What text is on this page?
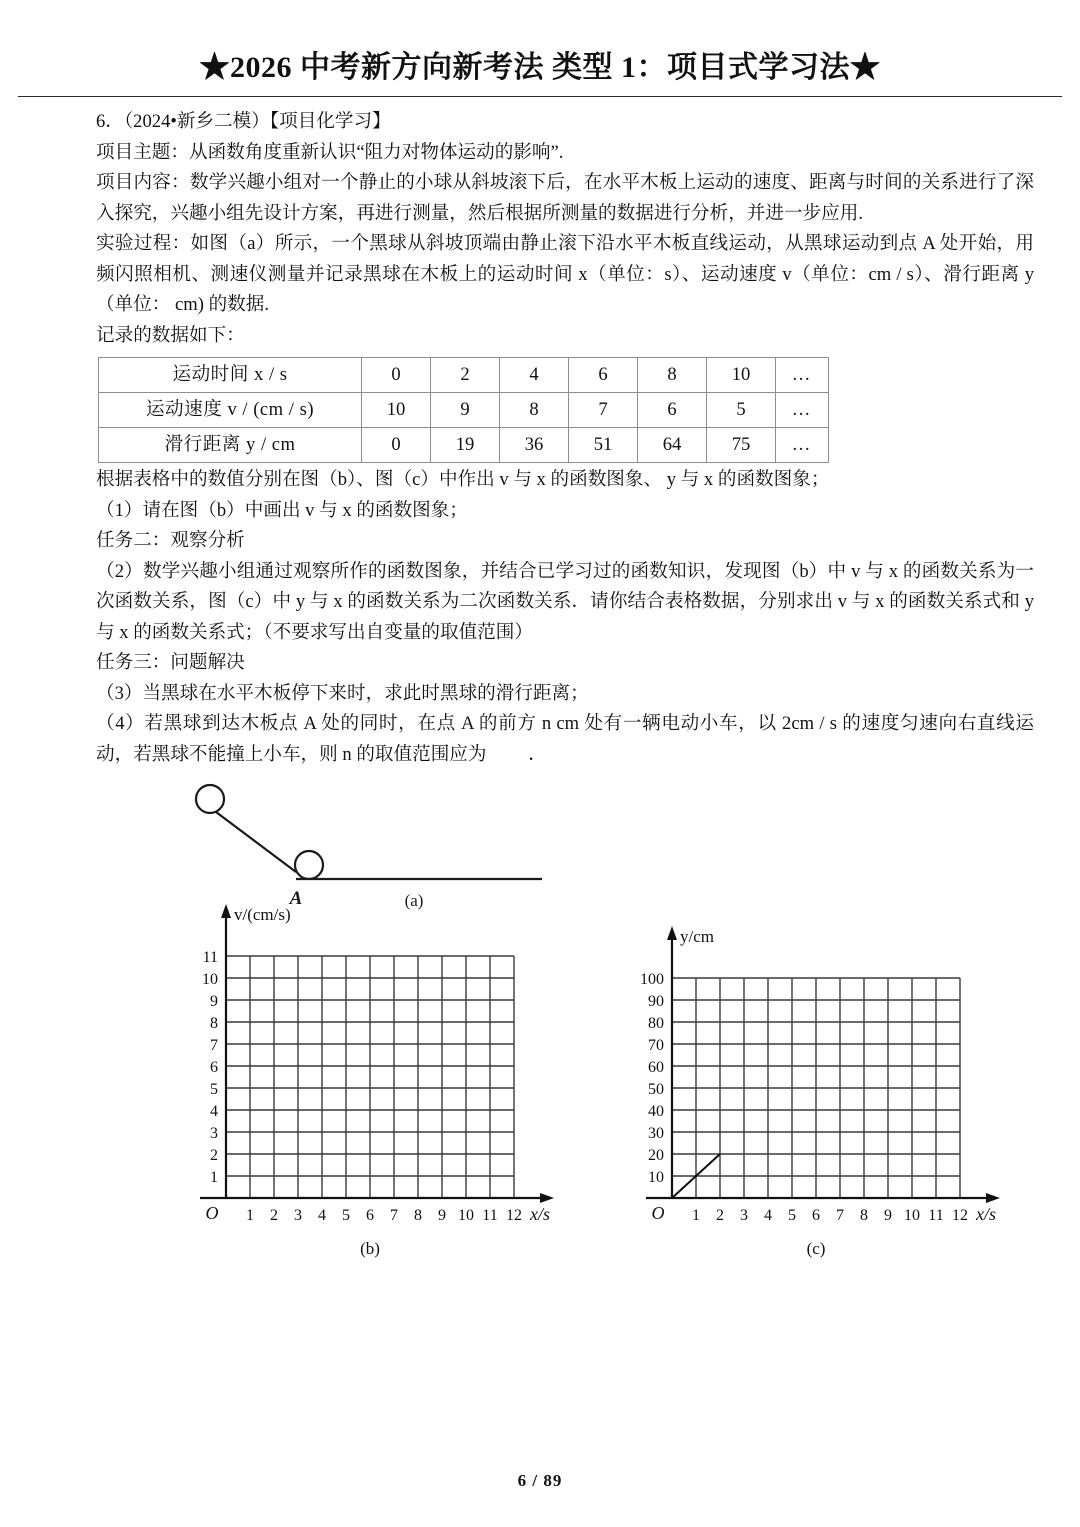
★2026 中考新方向新考法 类型 1：项目式学习法★

6．（2024•新乡二模）【项目化学习】

项目主题：从函数角度重新认识“阻力对物体运动的影响”.

项目内容：数学兴趣小组对一个静止的小球从斜坡滚下后，在水平木板上运动的速度、距离与时间的关系进行了深入探究，兴趣小组先设计方案，再进行测量，然后根据所测量的数据进行分析，并进一步应用.

实验过程：如图（a）所示，一个黑球从斜坡顶端由静止滚下沿水平木板直线运动，从黑球运动到点 A 处开始，用频闪照相机、测速仪测量并记录黑球在木板上的运动时间 x（单位：s）、运动速度 v（单位：cm / s）、滑行距离 y （单位： cm) 的数据.

记录的数据如下：

运动时间 x / s	0	2	4	6	8	10	…
运动速度 v / (cm / s)	10	9	8	7	6	5	…
滑行距离 y / cm	0	19	36	51	64	75	…

根据表格中的数值分别在图（b）、图（c）中作出 v 与 x 的函数图象、 y 与 x 的函数图象；

（1）请在图（b）中画出 v 与 x 的函数图象；

任务二：观察分析

（2）数学兴趣小组通过观察所作的函数图象，并结合已学习过的函数知识，发现图（b）中 v 与 x 的函数关系为一次函数关系，图（c）中 y 与 x 的函数关系为二次函数关系．请你结合表格数据，分别求出 v 与 x 的函数关系式和 y 与 x 的函数关系式；（不要求写出自变量的取值范围）

任务三：问题解决

（3）当黑球在水平木板停下来时，求此时黑球的滑行距离；

（4）若黑球到达木板点 A 处的同时，在点 A 的前方 n cm 处有一辆电动小车，以 2cm / s 的速度匀速向右直线运动，若黑球不能撞上小车，则 n 的取值范围应为 　　．

A	(a)
1
2
3
4
5
6
7
8
9
10
11
1 2 3 4 5 6 7 8 9 10 11 12
O
v/(cm/s)
x/s
(b)
10
20
30
40
50
60
70
80
90
100
1 2 3 4 5 6 7 8 9 10 11 12
O
y/cm
x/s
(c)
6 / 89
